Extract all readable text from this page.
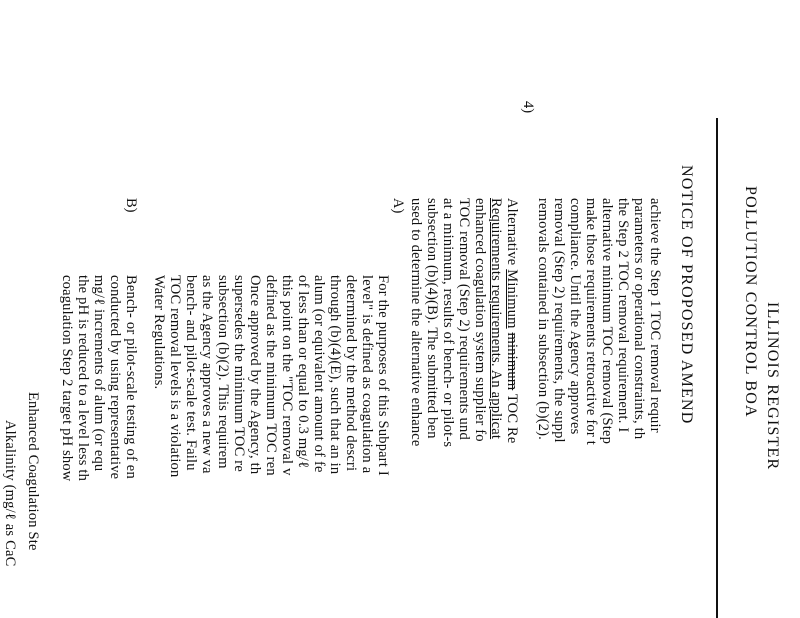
ILLINOIS REGISTER
POLLUTION CONTROL BOA
NOTICE OF PROPOSED AMEND
achieve the Step 1 TOC removal requir
parameters or operational constraints, th
the Step 2 TOC removal requirement. I
alternative minimum TOC removal (Step
make those requirements retroactive for t
compliance. Until the Agency approves
removal (Step 2) requirements, the suppl
removals contained in subsection (b)(2).
4)
Alternative Minimum minimum TOC Re
Requirements requirements. An applicat
enhanced coagulation system supplier fo
TOC removal (Step 2) requirements und
at a minimum, results of bench- or pilot-s
subsection (b)(4)(B). The submitted ben
used to determine the alternative enhance
A)
For the purposes of this Subpart I
level" is defined as coagulation a
determined by the method descri
through (b)(4)(E), such that an in
alum (or equivalent amount of fe
of less than or equal to 0.3 mg/ℓ
this point on the "TOC removal v
defined as the minimum TOC ren
Once approved by the Agency, th
supersedes the minimum TOC re
subsection (b)(2). This requirem
as the Agency approves a new va
bench- and pilot-scale test. Failu
TOC removal levels is a violation
Water Regulations.
B)
Bench- or pilot-scale testing of en
conducted by using representative
mg/ℓ increments of alum (or equ
the pH is reduced to a level less th
coagulation Step 2 target pH show
Enhanced Coagulation Ste
Alkalinity (mg/ℓ as CaC
